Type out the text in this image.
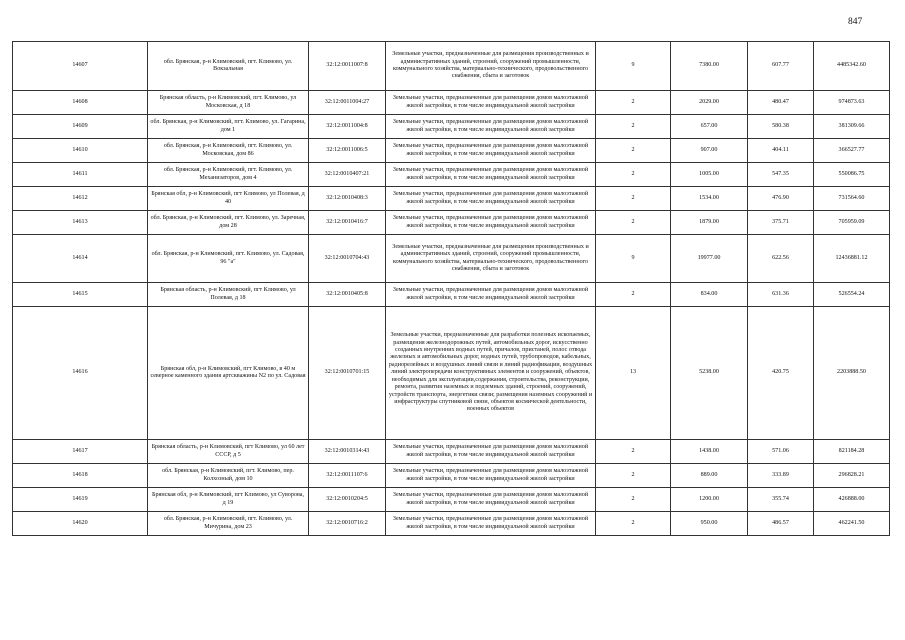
847
14607	обл. Брянская, р-н Климовский, пгт. Климово, ул. Вокзальная	32:12:0011007:8	Земельные участки, предназначенные для размещения производственных и административных зданий, строений, сооружений промышленности, коммунального хозяйства, материально-технического, продовольственного снабжения, сбыта и заготовок	9	7380.00	607.77	4485342.60
14608	Брянская область, р-н Климовский, пгт. Климово, ул Московская, д 18	32:12:0011004:27	Земельные участки, предназначенные для размещения домов малоэтажной жилой застройки, в том числе индивидуальной жилой застройки	2	2029.00	480.47	974873.63
14609	обл. Брянская, р-н Климовский, пгт. Климово, ул. Гагарина, дом 1	32:12:0011004:8	Земельные участки, предназначенные для размещения домов малоэтажной жилой застройки, в том числе индивидуальной жилой застройки	2	657.00	580.38	381309.66
14610	обл. Брянская, р-н Климовский, пгт. Климово, ул. Московская, дом 86	32:12:0011006:5	Земельные участки, предназначенные для размещения домов малоэтажной жилой застройки, в том числе индивидуальной жилой застройки	2	907.00	404.11	366527.77
14611	обл. Брянская, р-н Климовский, пгт. Климово, ул. Механизаторов, дом 4	32:12:0010407:21	Земельные участки, предназначенные для размещения домов малоэтажной жилой застройки, в том числе индивидуальной жилой застройки	2	1005.00	547.35	550086.75
14612	Брянская обл, р-н Климовский, пгт Климово, ул Полевая, д 40	32:12:0010408:3	Земельные участки, предназначенные для размещения домов малоэтажной жилой застройки, в том числе индивидуальной жилой застройки	2	1534.00	476.90	731564.60
14613	обл. Брянская, р-н Климовский, пгт. Климово, ул. Заречная, дом 28	32:12:0010416:7	Земельные участки, предназначенные для размещения домов малоэтажной жилой застройки, в том числе индивидуальной жилой застройки	2	1879.00	375.71	705959.09
14614	обл. Брянская, р-н Климовский, пгт. Климово, ул. Садовая, 96 "а"	32:12:0010704:43	Земельные участки, предназначенные для размещения производственных и административных зданий, строений, сооружений промышленности, коммунального хозяйства, материально-технического, продовольственного снабжения, сбыта и заготовок	9	19977.00	622.56	12436881.12
14615	Брянская область, р-н Климовский, пгт Климово, ул Полевая, д 18	32:12:0010405:8	Земельные участки, предназначенные для размещения домов малоэтажной жилой застройки, в том числе индивидуальной жилой застройки	2	834.00	631.36	526554.24
14616	Брянская обл, р-н Климовский, пгт Климово, в 40 м северное каменного здания артскважины N2 по ул. Садовая	32:12:0010701:15	Земельные участки, предназначенные для разработки полезных ископаемых, размещения железнодорожных путей, автомобильных дорог, искусственно созданных внутренних водных путей, причалов, пристаней, полос отвода железных и автомобильных дорог, водных путей, трубопроводов, кабельных, радиорелейных и воздушных линий связи и линий радиофикации, воздушных линий электропередачи конструктивных элементов и сооружений, объектов, необходимых для эксплуатации,содержания, строительства, реконструкции, ремонта, развития наземных и подземных зданий, строений, сооружений, устройств транспорта, энергетики связи; размещения наземных сооружений и инфраструктуры спутниковой связи, объектов космической деятельности, военных объектов	13	5238.00	420.75	2203888.50
14617	Брянская область, р-н Климовский, пгт Климово, ул 60 лет СССР, д 5	32:12:0010314:43	Земельные участки, предназначенные для размещения домов малоэтажной жилой застройки, в том числе индивидуальной жилой застройки	2	1438.00	571.06	821184.28
14618	обл. Брянская, р-н Климовский, пгт. Климово, пер. Колхозный, дом 10	32:12:0011107:6	Земельные участки, предназначенные для размещения домов малоэтажной жилой застройки, в том числе индивидуальной жилой застройки	2	889.00	333.89	296828.21
14619	Брянская обл, р-н Климовский, пгт Климово, ул Суворова, д 19	32:12:0010204:5	Земельные участки, предназначенные для размещения домов малоэтажной жилой застройки, в том числе индивидуальной жилой застройки	2	1200.00	355.74	426888.00
14620	обл. Брянская, р-н Климовский, пгт. Климово, ул. Мичурина, дом 23	32:12:0010716:2	Земельные участки, предназначенные для размещения домов малоэтажной жилой застройки, в том числе индивидуальной жилой застройки	2	950.00	486.57	462241.50
